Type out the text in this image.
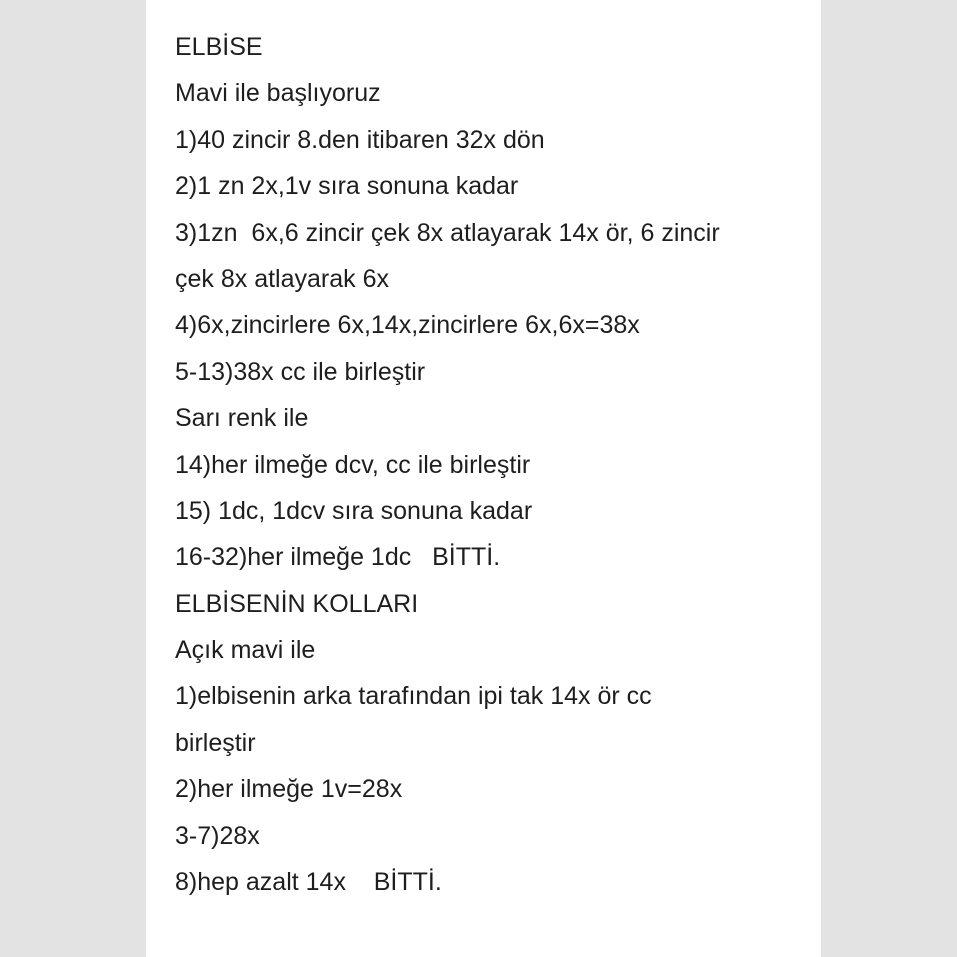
ELBİSE
Mavi ile başlıyoruz
1)40 zincir 8.den itibaren 32x dön
2)1 zn 2x,1v sıra sonuna kadar
3)1zn  6x,6 zincir çek 8x atlayarak 14x ör, 6 zincir
çek 8x atlayarak 6x
4)6x,zincirlere 6x,14x,zincirlere 6x,6x=38x
5-13)38x cc ile birleştir
Sarı renk ile
14)her ilmeğe dcv, cc ile birleştir
15) 1dc, 1dcv sıra sonuna kadar
16-32)her ilmeğe 1dc   BİTTİ.
ELBİSENİN KOLLARI
Açık mavi ile
1)elbisenin arka tarafından ipi tak 14x ör cc
birleştir
2)her ilmeğe 1v=28x
3-7)28x
8)hep azalt 14x    BİTTİ.
